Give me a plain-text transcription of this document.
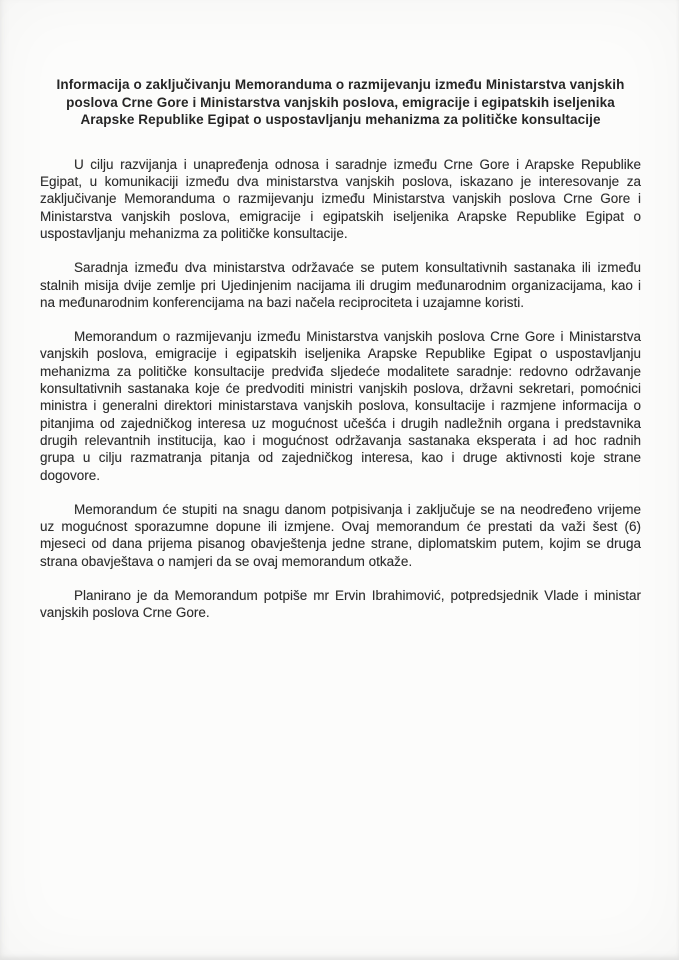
Informacija o zaključivanju Memoranduma o razmijevanju između Ministarstva vanjskih poslova Crne Gore i Ministarstva vanjskih poslova, emigracije i egipatskih iseljenika Arapske Republike Egipat o uspostavljanju mehanizma za političke konsultacije

U cilju razvijanja i unapređenja odnosa i saradnje između Crne Gore i Arapske Republike Egipat, u komunikaciji između dva ministarstva vanjskih poslova, iskazano je interesovanje za zaključivanje Memoranduma o razmijevanju između Ministarstva vanjskih poslova Crne Gore i Ministarstva vanjskih poslova, emigracije i egipatskih iseljenika Arapske Republike Egipat o uspostavljanju mehanizma za političke konsultacije.

Saradnja između dva ministarstva održavaće se putem konsultativnih sastanaka ili između stalnih misija dvije zemlje pri Ujedinjenim nacijama ili drugim međunarodnim organizacijama, kao i na međunarodnim konferencijama na bazi načela reciprociteta i uzajamne koristi.

Memorandum o razmijevanju između Ministarstva vanjskih poslova Crne Gore i Ministarstva vanjskih poslova, emigracije i egipatskih iseljenika Arapske Republike Egipat o uspostavljanju mehanizma za političke konsultacije predviđa sljedeće modalitete saradnje: redovno održavanje konsultativnih sastanaka koje će predvoditi ministri vanjskih poslova, državni sekretari, pomoćnici ministra i generalni direktori ministarstava vanjskih poslova, konsultacije i razmjene informacija o pitanjima od zajedničkog interesa uz mogućnost učešća i drugih nadležnih organa i predstavnika drugih relevantnih institucija, kao i mogućnost održavanja sastanaka eksperata i ad hoc radnih grupa u cilju razmatranja pitanja od zajedničkog interesa, kao i druge aktivnosti koje strane dogovore.

Memorandum će stupiti na snagu danom potpisivanja i zaključuje se na neodređeno vrijeme uz mogućnost sporazumne dopune ili izmjene. Ovaj memorandum će prestati da važi šest (6) mjeseci od dana prijema pisanog obavještenja jedne strane, diplomatskim putem, kojim se druga strana obavještava o namjeri da se ovaj memorandum otkaže.

Planirano je da Memorandum potpiše mr Ervin Ibrahimović, potpredsjednik Vlade i ministar vanjskih poslova Crne Gore.
